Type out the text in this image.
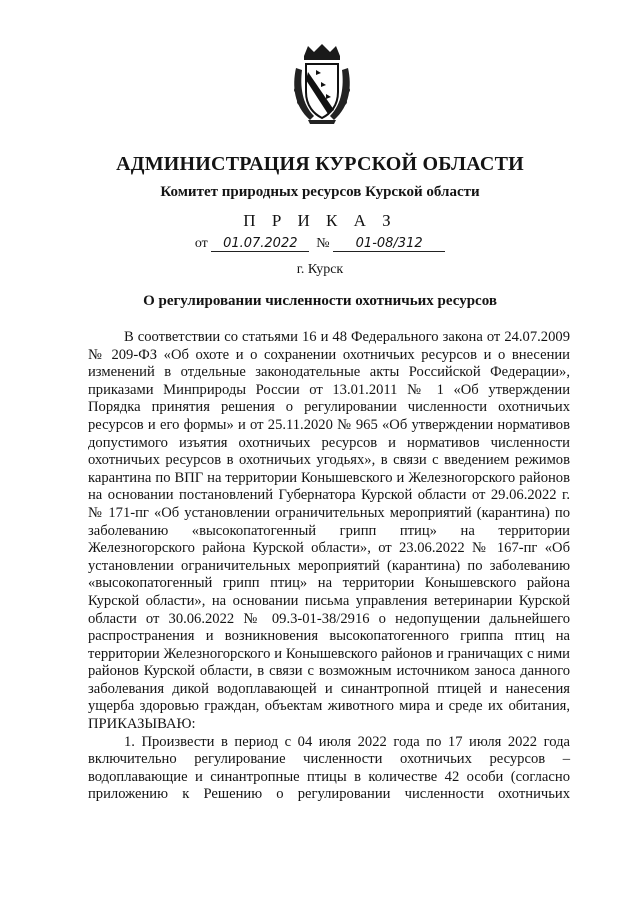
АДМИНИСТРАЦИЯ КУРСКОЙ ОБЛАСТИ
Комитет природных ресурсов Курской области
П Р И К А З
от 01.07.2022 № 01-08/312
г. Курск
О регулировании численности охотничьих ресурсов

В соответствии со статьями 16 и 48 Федерального закона от 24.07.2009 № 209-ФЗ «Об охоте и о сохранении охотничьих ресурсов и о внесении изменений в отдельные законодательные акты Российской Федерации», приказами Минприроды России от 13.01.2011 № 1 «Об утверждении Порядка принятия решения о регулировании численности охотничьих ресурсов и его формы» и от 25.11.2020 № 965 «Об утверждении нормативов допустимого изъятия охотничьих ресурсов и нормативов численности охотничьих ресурсов в охотничьих угодьях», в связи с введением режимов карантина по ВПГ на территории Конышевского и Железногорского районов на основании постановлений Губернатора Курской области от 29.06.2022 г. № 171-пг «Об установлении ограничительных мероприятий (карантина) по заболеванию «высокопатогенный грипп птиц» на территории Железногорского района Курской области», от 23.06.2022 № 167-пг «Об установлении ограничительных мероприятий (карантина) по заболеванию «высокопатогенный грипп птиц» на территории Конышевского района Курской области», на основании письма управления ветеринарии Курской области от 30.06.2022 № 09.3-01-38/2916 о недопущении дальнейшего распространения и возникновения высокопатогенного гриппа птиц на территории Железногорского и Конышевского районов и граничащих с ними районов Курской области, в связи с возможным источником заноса данного заболевания дикой водоплавающей и синантропной птицей и нанесения ущерба здоровью граждан, объектам животного мира и среде их обитания, ПРИКАЗЫВАЮ:

1. Произвести в период с 04 июля 2022 года по 17 июля 2022 года включительно регулирование численности охотничьих ресурсов – водоплавающие и синантропные птицы в количестве 42 особи (согласно приложению к Решению о регулировании численности охотничьих
